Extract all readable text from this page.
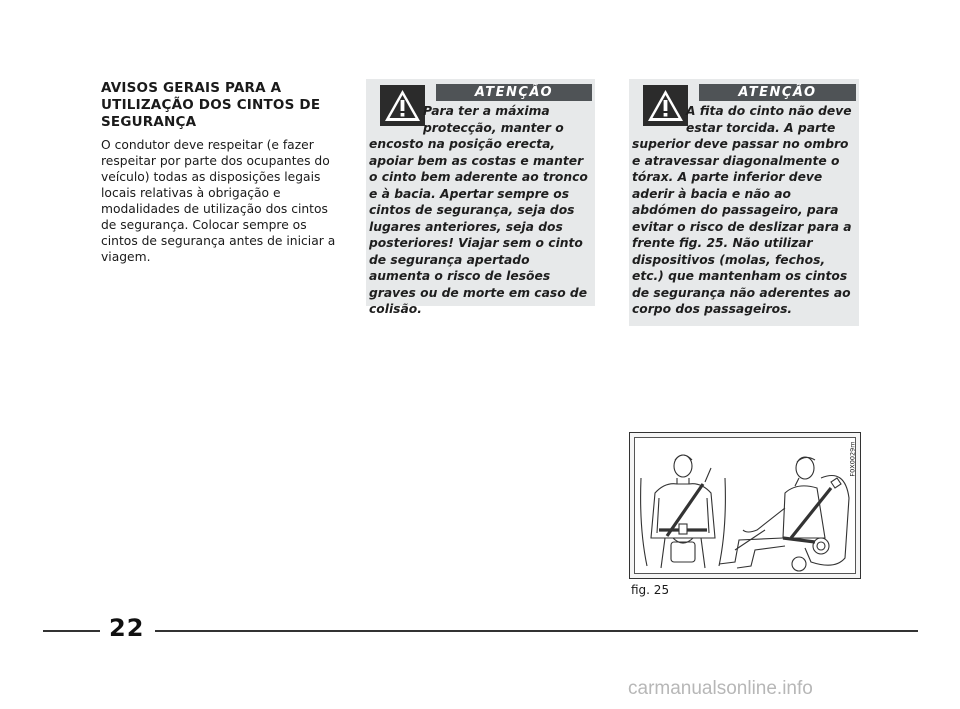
AVISOS GERAIS PARA A UTILIZAÇÃO DOS CINTOS DE SEGURANÇA

O condutor deve respeitar (e fazer respeitar por parte dos ocupantes do veículo) todas as disposições legais locais relativas à obrigação e modalidades de utilização dos cintos de segurança. Colocar sempre os cintos de segurança antes de iniciar a viagem.

ATENÇÃO
Para ter a máxima protecção, manter o encosto na posição erecta, apoiar bem as costas e manter o cinto bem aderente ao tronco e à bacia. Apertar sempre os cintos de segurança, seja dos lugares anteriores, seja dos posteriores! Viajar sem o cinto de segurança apertado aumenta o risco de lesões graves ou de morte em caso de colisão.
ATENÇÃO
A fita do cinto não deve estar torcida. A parte superior deve passar no ombro e atravessar diagonalmente o tórax. A parte inferior deve aderir à bacia e não ao abdómen do passageiro, para evitar o risco de deslizar para a frente fig. 25. Não utilizar dispositivos (molas, fechos, etc.) que mantenham os cintos de segurança não aderentes ao corpo dos passageiros.
F0X0029m
fig. 25
22
carmanualsonline.info
